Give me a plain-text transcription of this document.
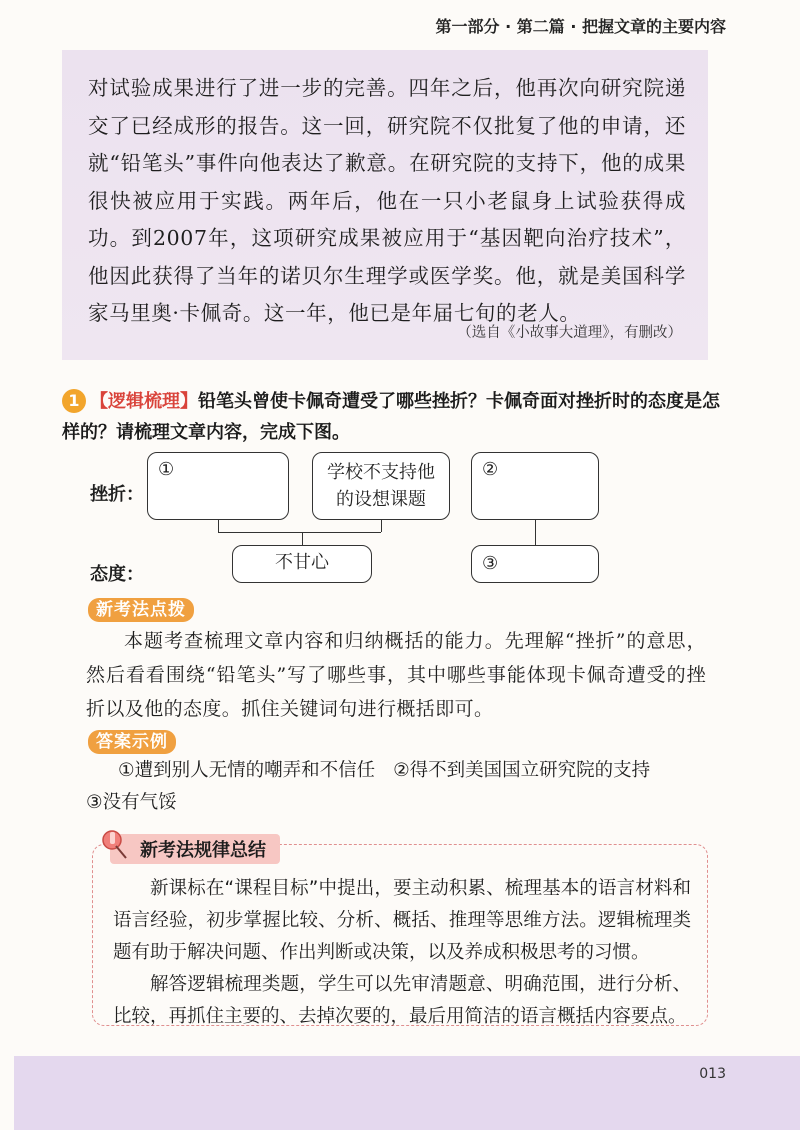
第一部分 · 第二篇 · 把握文章的主要内容

对试验成果进行了进一步的完善。四年之后，他再次向研究院递交了已经成形的报告。这一回，研究院不仅批复了他的申请，还就“铅笔头”事件向他表达了歉意。在研究院的支持下，他的成果很快被应用于实践。两年后，他在一只小老鼠身上试验获得成功。到2007年，这项研究成果被应用于“基因靶向治疗技术”，他因此获得了当年的诺贝尔生理学或医学奖。他，就是美国科学家马里奥·卡佩奇。这一年，他已是年届七旬的老人。

（选自《小故事大道理》，有删改）
1 【逻辑梳理】铅笔头曾使卡佩奇遭受了哪些挫折？卡佩奇面对挫折时的态度是怎样的？请梳理文章内容，完成下图。
挫折：
态度：
①	学校不支持他的设想课题
②
不甘心	③
新考法点拨

本题考查梳理文章内容和归纳概括的能力。先理解“挫折”的意思，然后看看围绕“铅笔头”写了哪些事，其中哪些事能体现卡佩奇遭受的挫折以及他的态度。抓住关键词句进行概括即可。

答案示例
①遭到别人无情的嘲弄和不信任 ②得不到美国国立研究院的支持
③没有气馁

新课标在“课程目标”中提出，要主动积累、梳理基本的语言材料和语言经验，初步掌握比较、分析、概括、推理等思维方法。逻辑梳理类题有助于解决问题、作出判断或决策，以及养成积极思考的习惯。

解答逻辑梳理类题，学生可以先审清题意、明确范围，进行分析、比较，再抓住主要的、去掉次要的，最后用简洁的语言概括内容要点。

新考法规律总结
013
